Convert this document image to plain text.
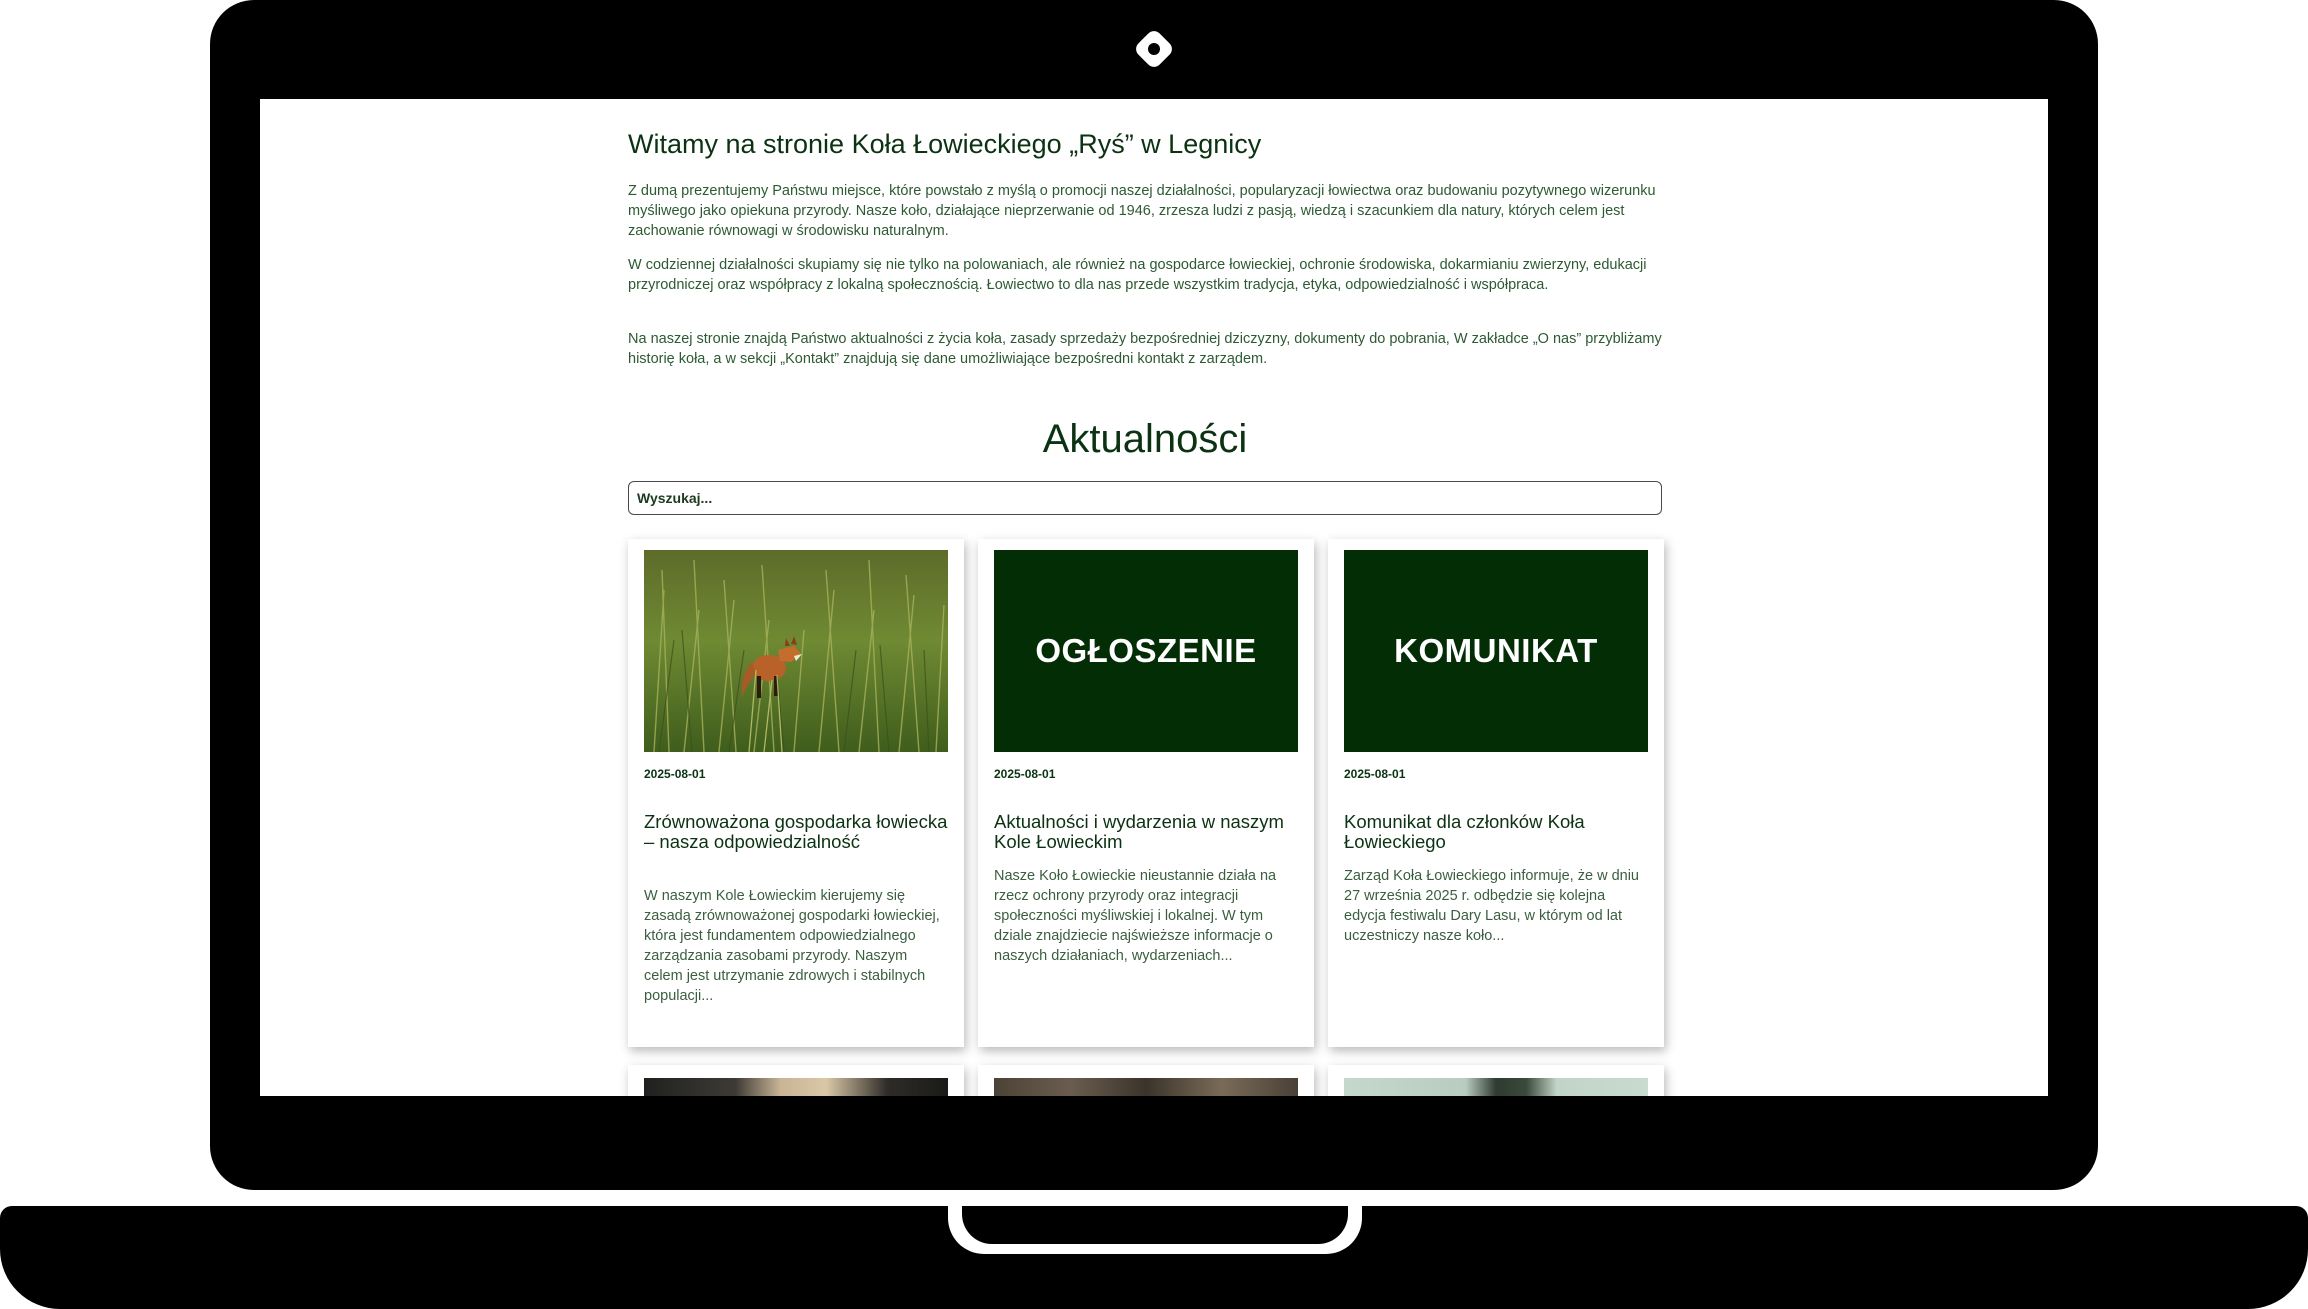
Witamy na stronie Koła Łowieckiego „Ryś” w Legnicy

Z dumą prezentujemy Państwu miejsce, które powstało z myślą o promocji naszej działalności, popularyzacji łowiectwa oraz budowaniu pozytywnego wizerunku myśliwego jako opiekuna przyrody. Nasze koło, działające nieprzerwanie od 1946, zrzesza ludzi z pasją, wiedzą i szacunkiem dla natury, których celem jest zachowanie równowagi w środowisku naturalnym.

W codziennej działalności skupiamy się nie tylko na polowaniach, ale również na gospodarce łowieckiej, ochronie środowiska, dokarmianiu zwierzyny, edukacji przyrodniczej oraz współpracy z lokalną społecznością. Łowiectwo to dla nas przede wszystkim tradycja, etyka, odpowiedzialność i współpraca.

Na naszej stronie znajdą Państwo aktualności z życia koła, zasady sprzedaży bezpośredniej dziczyzny, dokumenty do pobrania, W zakładce „O nas” przybliżamy historię koła, a w sekcji „Kontakt” znajdują się dane umożliwiające bezpośredni kontakt z zarządem.

Aktualności
Wyszukaj...
2025-08-01
Zrównoważona gospodarka łowiecka – nasza odpowiedzialność
W naszym Kole Łowieckim kierujemy się zasadą zrównoważonej gospodarki łowieckiej, która jest fundamentem odpowiedzialnego zarządzania zasobami przyrody. Naszym celem jest utrzymanie zdrowych i stabilnych populacji...
OGŁOSZENIE
2025-08-01
Aktualności i wydarzenia w naszym Kole Łowieckim
Nasze Koło Łowieckie nieustannie działa na rzecz ochrony przyrody oraz integracji społeczności myśliwskiej i lokalnej. W tym dziale znajdziecie najświeższe informacje o naszych działaniach, wydarzeniach...
KOMUNIKAT
2025-08-01
Komunikat dla członków Koła Łowieckiego
Zarząd Koła Łowieckiego informuje, że w dniu 27 września 2025 r. odbędzie się kolejna edycja festiwalu Dary Lasu, w którym od lat uczestniczy nasze koło...
